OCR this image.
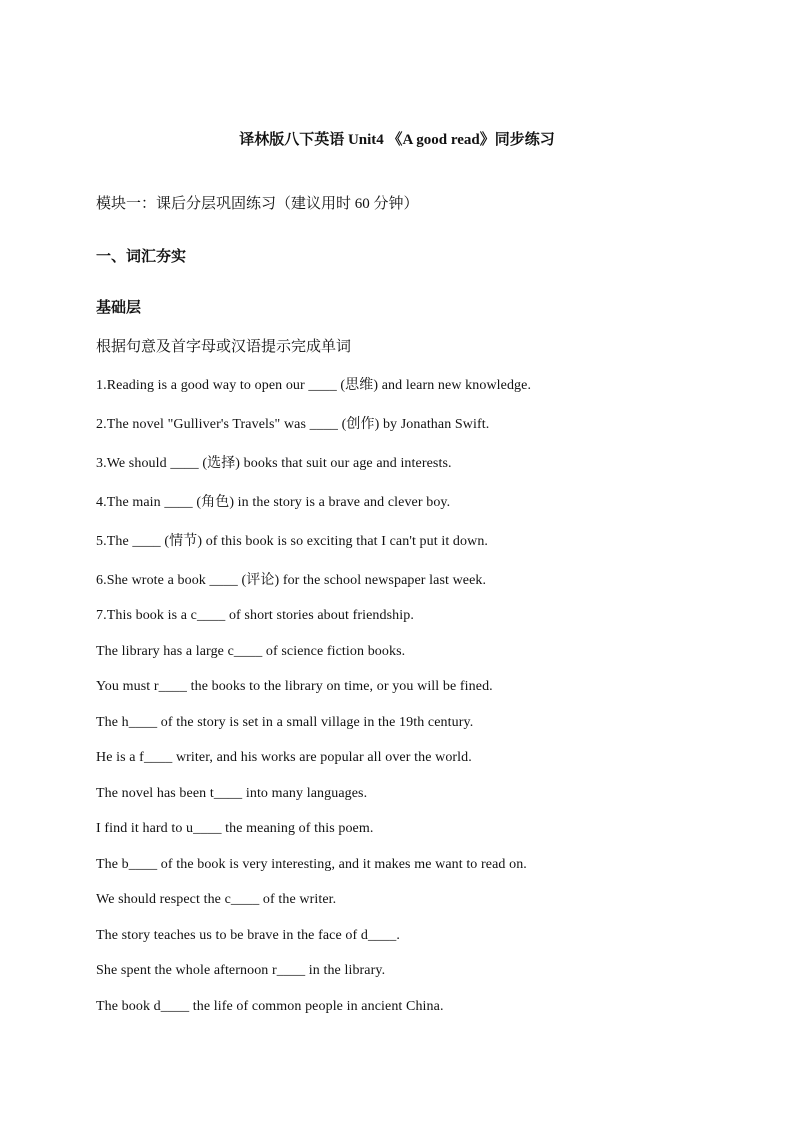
译林版八下英语 Unit4 《A good read》同步练习
模块一：课后分层巩固练习（建议用时 60 分钟）
一、词汇夯实
基础层
根据句意及首字母或汉语提示完成单词
1.Reading is a good way to open our ____ (思维) and learn new knowledge.
2.The novel "Gulliver's Travels" was ____ (创作) by Jonathan Swift.
3.We should ____ (选择) books that suit our age and interests.
4.The main ____ (角色) in the story is a brave and clever boy.
5.The ____ (情节) of this book is so exciting that I can't put it down.
6.She wrote a book ____ (评论) for the school newspaper last week.
7.This book is a c____ of short stories about friendship.
The library has a large c____ of science fiction books.
You must r____ the books to the library on time, or you will be fined.
The h____ of the story is set in a small village in the 19th century.
He is a f____ writer, and his works are popular all over the world.
The novel has been t____ into many languages.
I find it hard to u____ the meaning of this poem.
The b____ of the book is very interesting, and it makes me want to read on.
We should respect the c____ of the writer.
The story teaches us to be brave in the face of d____.
She spent the whole afternoon r____ in the library.
The book d____ the life of common people in ancient China.
